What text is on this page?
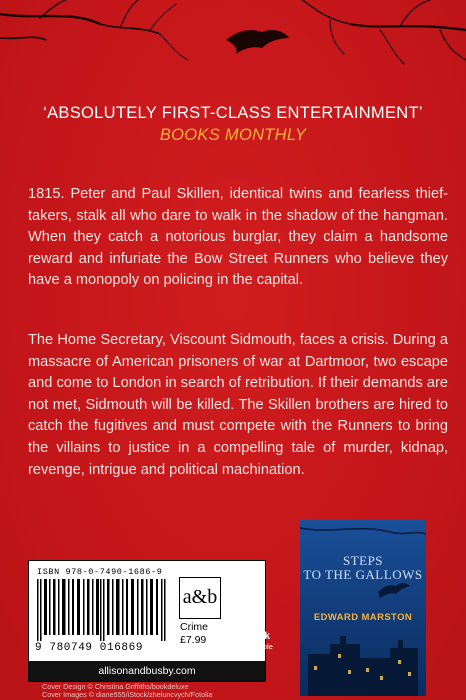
‘ABSOLUTELY FIRST-CLASS ENTERTAINMENT’
BOOKS MONTHLY
1815. Peter and Paul Skillen, identical twins and fearless thief-takers, stalk all who dare to walk in the shadow of the hangman. When they catch a notorious burglar, they claim a handsome reward and infuriate the Bow Street Runners who believe they have a monopoly on policing in the capital.
The Home Secretary, Viscount Sidmouth, faces a crisis. During a massacre of American prisoners of war at Dartmoor, two escape and come to London in search of retribution. If their demands are not met, Sidmouth will be killed. The Skillen brothers are hired to catch the fugitives and must compete with the Runners to bring the villains to justice in a compelling tale of murder, kidnap, revenge, intrigue and political machination.
ISBN 978-0-7490-1686-9
9 780749 016869
a&b
Crime
£7.99
allisonandbusby.com
e
book
available
STEPS
TO THE GALLOWS
EDWARD MARSTON
Cover Design © Christina Griffiths/bookdeluxe
Cover Images © diane555/iStock/zheluncvych/Fotolia
